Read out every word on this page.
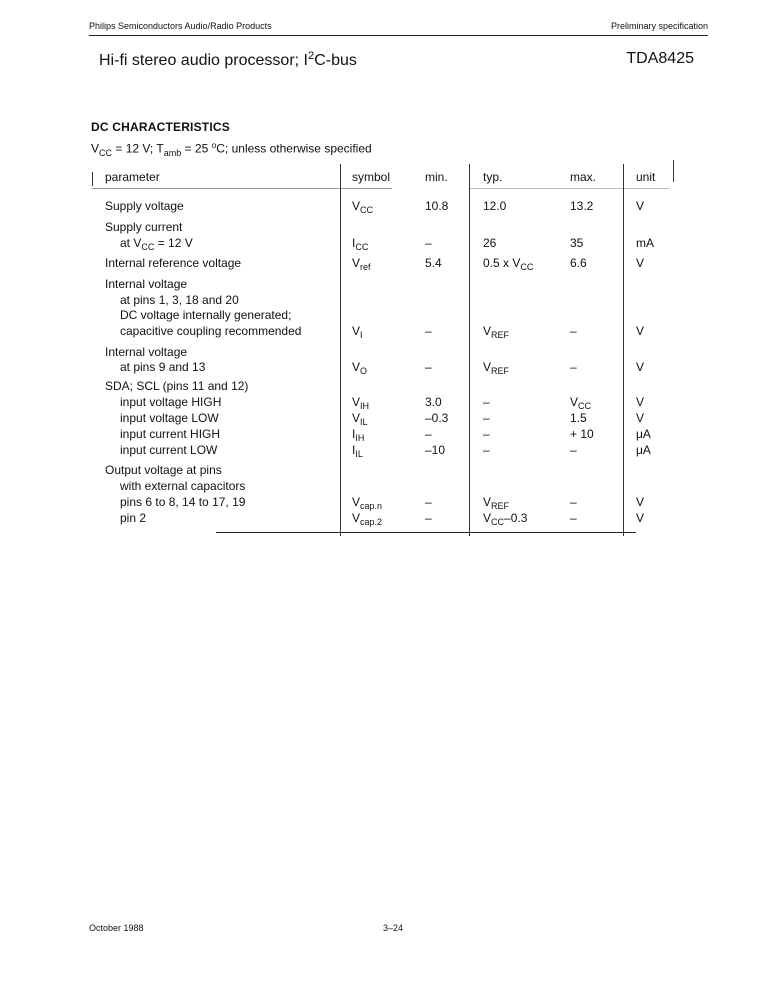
Philips Semiconductors Audio/Radio Products	Preliminary specification
Hi-fi stereo audio processor; $I^2C$-bus	TDA8425
DC CHARACTERISTICS
$V_{CC} = 12$ V; $T_{amb} = 25$ $^o$C; unless otherwise specified
parameter	symbol	min.	typ.	max.	unit
Supply voltage	$V_{CC}$	10.8	12.0	13.2	V
Supply current
at $V_{CC} = 12$ V	$I_{CC}$	–	26	35	mA
Internal reference voltage	$V_{ref}$	5.4	0.5 x $V_{CC}$	6.6	V
Internal voltage
at pins 1, 3, 18 and 20
DC voltage internally generated;
capacitive coupling recommended	$V_I$	–	$V_{REF}$	–	V
Internal voltage
at pins 9 and 13	$V_O$	–	$V_{REF}$	–	V
SDA; SCL (pins 11 and 12)
input voltage HIGH	$V_{IH}$	3.0	–	$V_{CC}$	V
input voltage LOW	$V_{IL}$	–0.3	–	1.5	V
input current HIGH	$I_{IH}$	–	–	+ 10	μA
input current LOW	$I_{IL}$	–10	–	–	μA
Output voltage at pins
with external capacitors
pins 6 to 8, 14 to 17, 19	$V_{cap.n}$	–	$V_{REF}$	–	V
pin 2	$V_{cap.2}$	–	$V_{CC}-0.3$	–	V
October 1988	3–24
